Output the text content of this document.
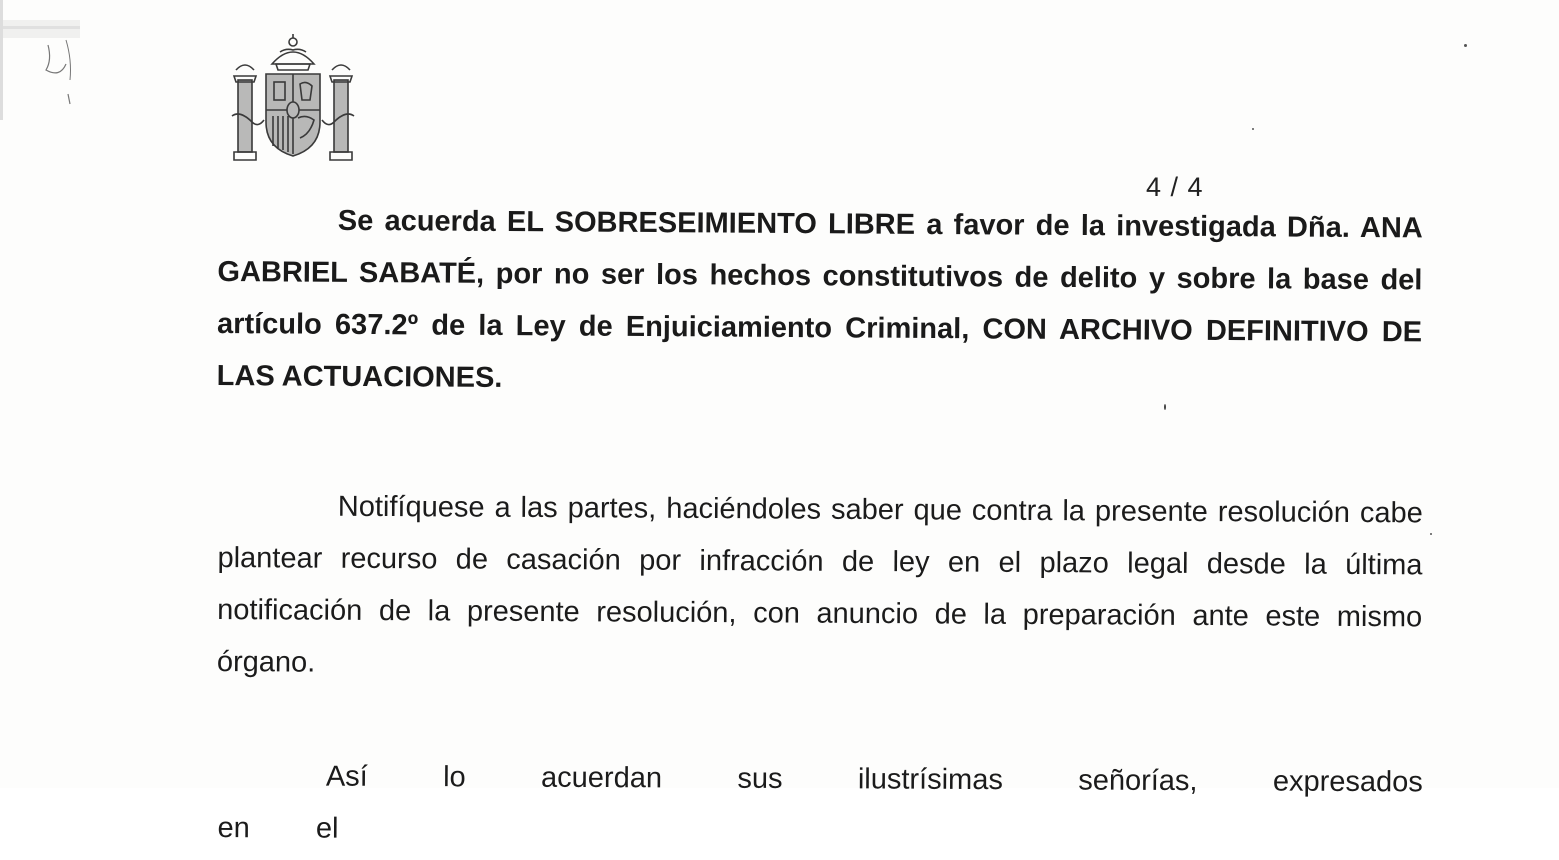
4 / 4
Se acuerda EL SOBRESEIMIENTO LIBRE a favor de la investigada Dña. ANA GABRIEL SABATÉ, por no ser los hechos constitutivos de delito y sobre la base del artículo 637.2º de la Ley de Enjuiciamiento Criminal, CON ARCHIVO DEFINITIVO DE LAS ACTUACIONES.
Notifíquese a las partes, haciéndoles saber que contra la presente resolución cabe plantear recurso de casación por infracción de ley en el plazo legal desde la última notificación de la presente resolución, con anuncio de la preparación ante este mismo órgano.
Así lo acuerdan sus ilustrísimas señorías, expresados en el
